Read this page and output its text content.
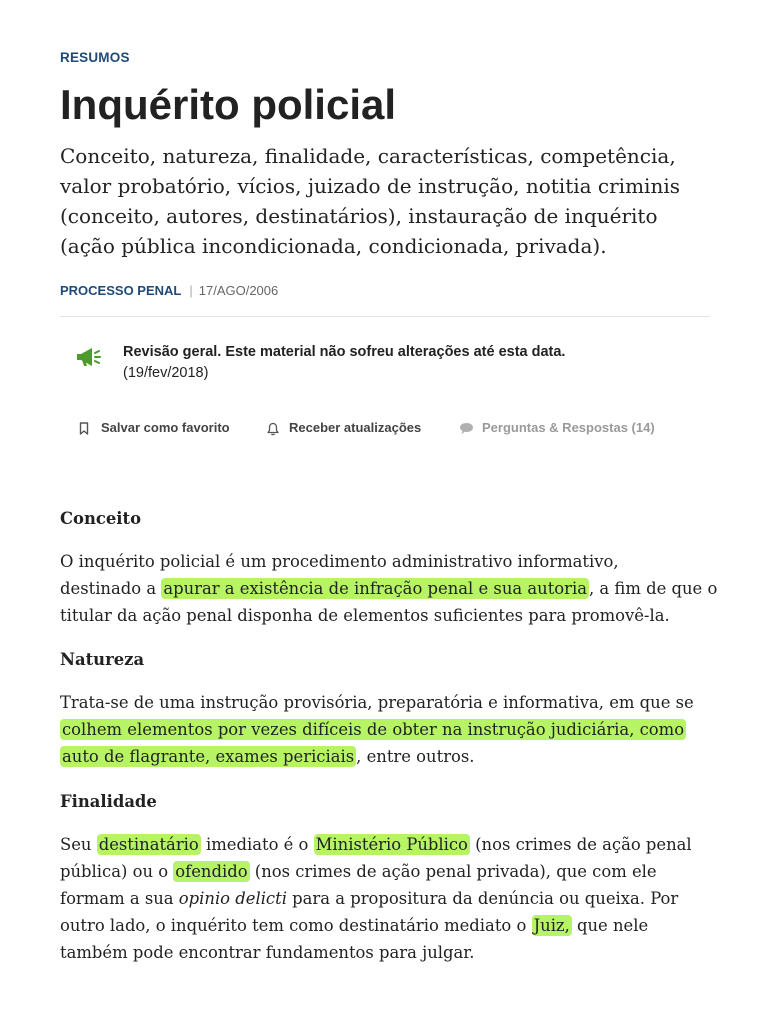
RESUMOS
Inquérito policial

Conceito, natureza, finalidade, características, competência, valor probatório, vícios, juizado de instrução, notitia criminis (conceito, autores, destinatários), instauração de inquérito (ação pública incondicionada, condicionada, privada).

PROCESSO PENAL | 17/AGO/2006
Revisão geral. Este material não sofreu alterações até esta data.
(19/fev/2018)
Salvar como favorito	Receber atualizações	Perguntas & Respostas (14)
Conceito

O inquérito policial é um procedimento administrativo informativo,
destinado a apurar a existência de infração penal e sua autoria , a fim de que o
titular da ação penal disponha de elementos suficientes para promovê-la.

Natureza

Trata-se de uma instrução provisória, preparatória e informativa, em que se
colhem elementos por vezes difíceis de obter na instrução judiciária, como
auto de flagrante, exames periciais , entre outros.

Finalidade

Seu destinatário imediato é o Ministério Público (nos crimes de ação penal
pública) ou o ofendido (nos crimes de ação penal privada), que com ele
formam a sua opinio delicti para a propositura da denúncia ou queixa. Por
outro lado, o inquérito tem como destinatário mediato o Juiz, que nele
também pode encontrar fundamentos para julgar.
